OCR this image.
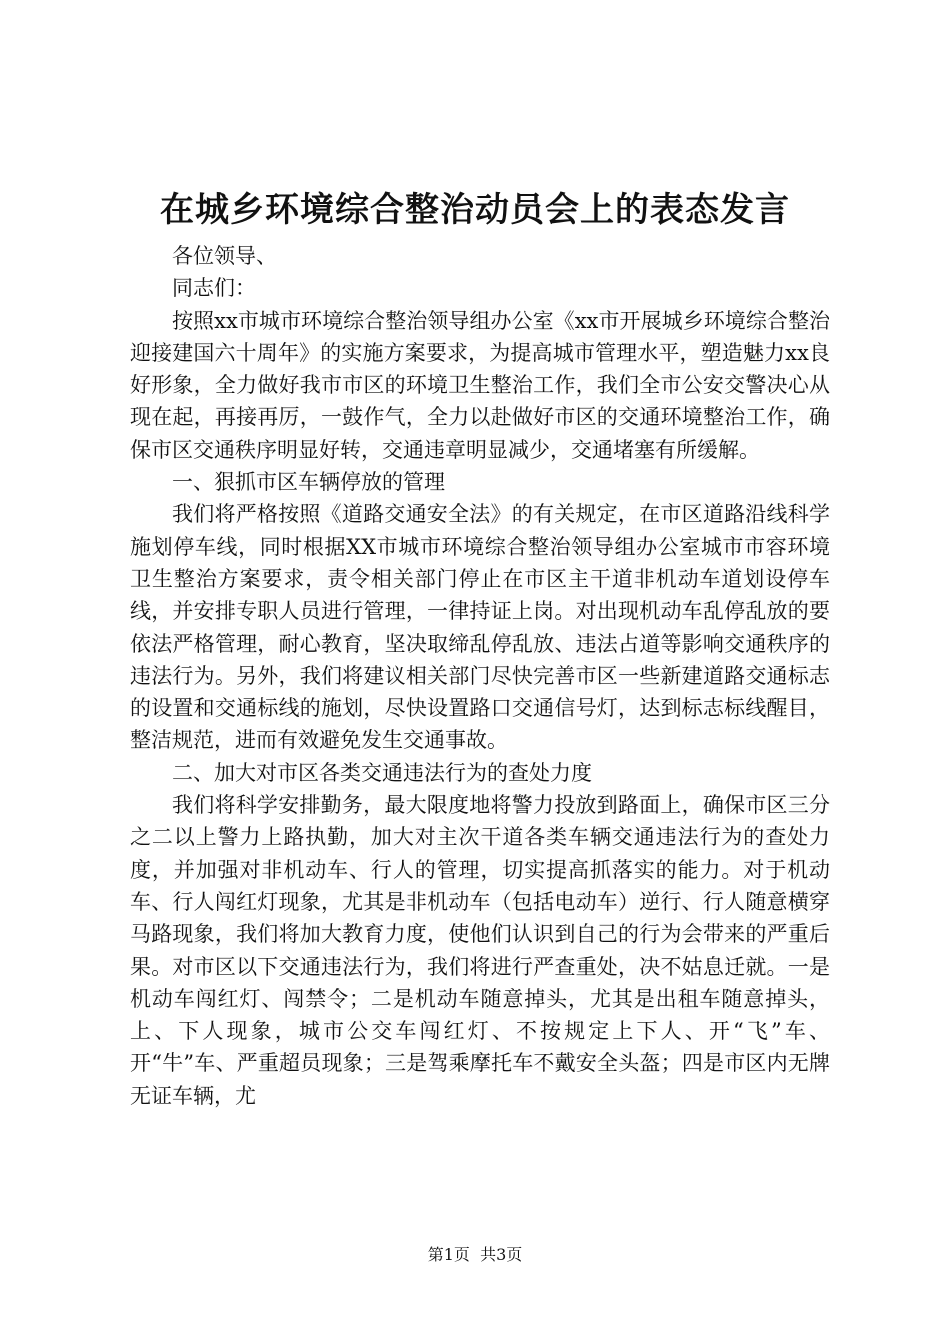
在城乡环境综合整治动员会上的表态发言

各位领导、

同志们：

按照xx市城市环境综合整治领导组办公室《xx市开展城乡环境综合整治迎接建国六十周年》的实施方案要求，为提高城市管理水平，塑造魅力xx良好形象，全力做好我市市区的环境卫生整治工作，我们全市公安交警决心从现在起，再接再厉，一鼓作气，全力以赴做好市区的交通环境整治工作，确保市区交通秩序明显好转，交通违章明显减少，交通堵塞有所缓解。

一、狠抓市区车辆停放的管理

我们将严格按照《道路交通安全法》的有关规定，在市区道路沿线科学施划停车线，同时根据XX市城市环境综合整治领导组办公室城市市容环境卫生整治方案要求，责令相关部门停止在市区主干道非机动车道划设停车线，并安排专职人员进行管理，一律持证上岗。对出现机动车乱停乱放的要依法严格管理，耐心教育，坚决取缔乱停乱放、违法占道等影响交通秩序的违法行为。另外，我们将建议相关部门尽快完善市区一些新建道路交通标志的设置和交通标线的施划，尽快设置路口交通信号灯，达到标志标线醒目，整洁规范，进而有效避免发生交通事故。

二、加大对市区各类交通违法行为的查处力度

我们将科学安排勤务，最大限度地将警力投放到路面上，确保市区三分之二以上警力上路执勤，加大对主次干道各类车辆交通违法行为的查处力度，并加强对非机动车、行人的管理，切实提高抓落实的能力。对于机动车、行人闯红灯现象，尤其是非机动车（包括电动车）逆行、行人随意横穿马路现象，我们将加大教育力度，使他们认识到自己的行为会带来的严重后果。对市区以下交通违法行为，我们将进行严查重处，决不姑息迁就。一是机动车闯红灯、闯禁令；二是机动车随意掉头，尤其是出租车随意掉头，上、下人现象，城市公交车闯红灯、不按规定上下人、开“飞”车、开“牛”车、严重超员现象；三是驾乘摩托车不戴安全头盔；四是市区内无牌无证车辆，尤

第1页  共3页
